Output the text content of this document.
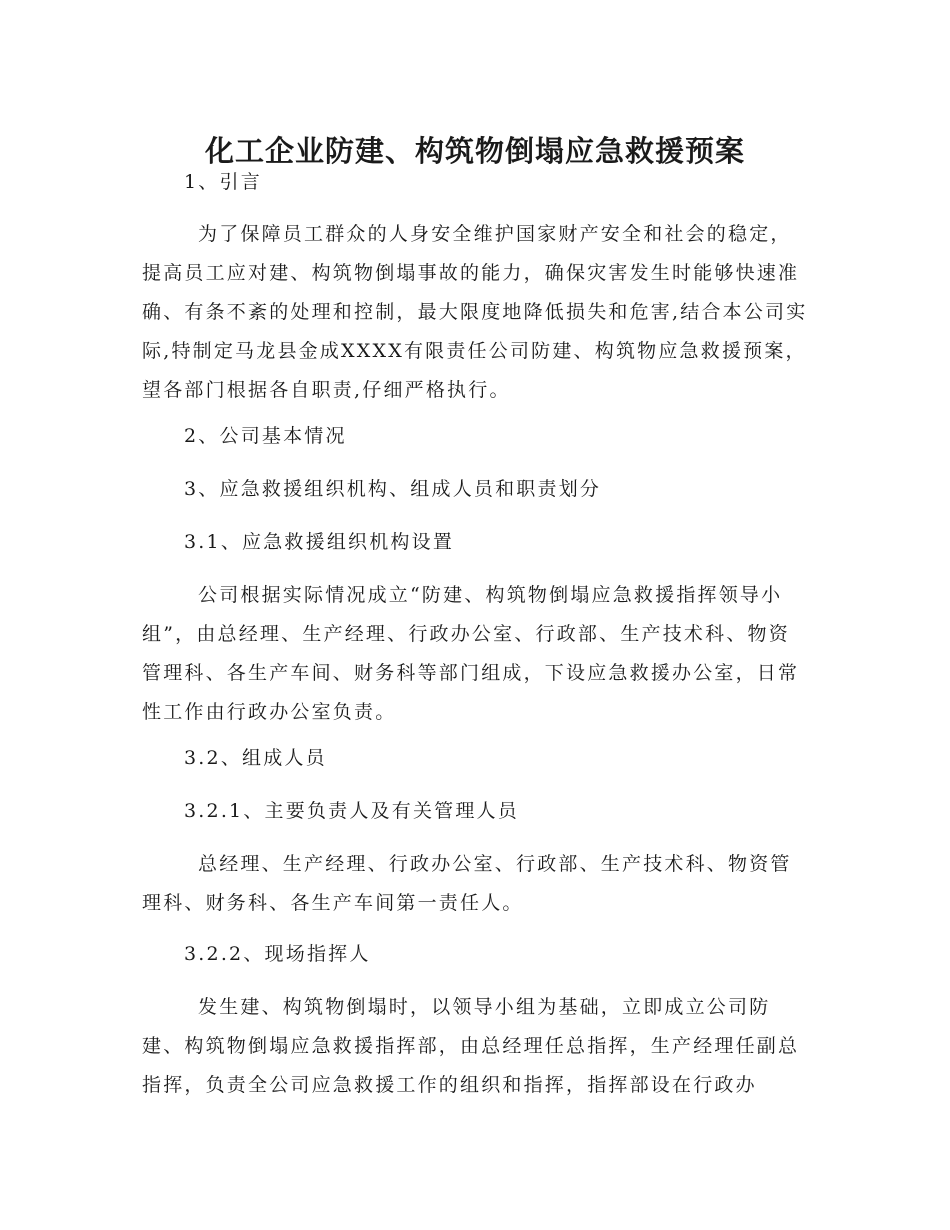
化工企业防建、构筑物倒塌应急救援预案

1、引言

为了保障员工群众的人身安全维护国家财产安全和社会的稳定，提高员工应对建、构筑物倒塌事故的能力，确保灾害发生时能够快速准确、有条不紊的处理和控制，最大限度地降低损失和危害,结合本公司实际,特制定马龙县金成XXXX有限责任公司防建、构筑物应急救援预案，望各部门根据各自职责,仔细严格执行。

2、公司基本情况

3、应急救援组织机构、组成人员和职责划分

3.1、应急救援组织机构设置

公司根据实际情况成立“防建、构筑物倒塌应急救援指挥领导小组”，由总经理、生产经理、行政办公室、行政部、生产技术科、物资管理科、各生产车间、财务科等部门组成，下设应急救援办公室，日常性工作由行政办公室负责。

3.2、组成人员

3.2.1、主要负责人及有关管理人员

总经理、生产经理、行政办公室、行政部、生产技术科、物资管理科、财务科、各生产车间第一责任人。

3.2.2、现场指挥人

发生建、构筑物倒塌时，以领导小组为基础，立即成立公司防建、构筑物倒塌应急救援指挥部，由总经理任总指挥，生产经理任副总指挥，负责全公司应急救援工作的组织和指挥，指挥部设在行政办
